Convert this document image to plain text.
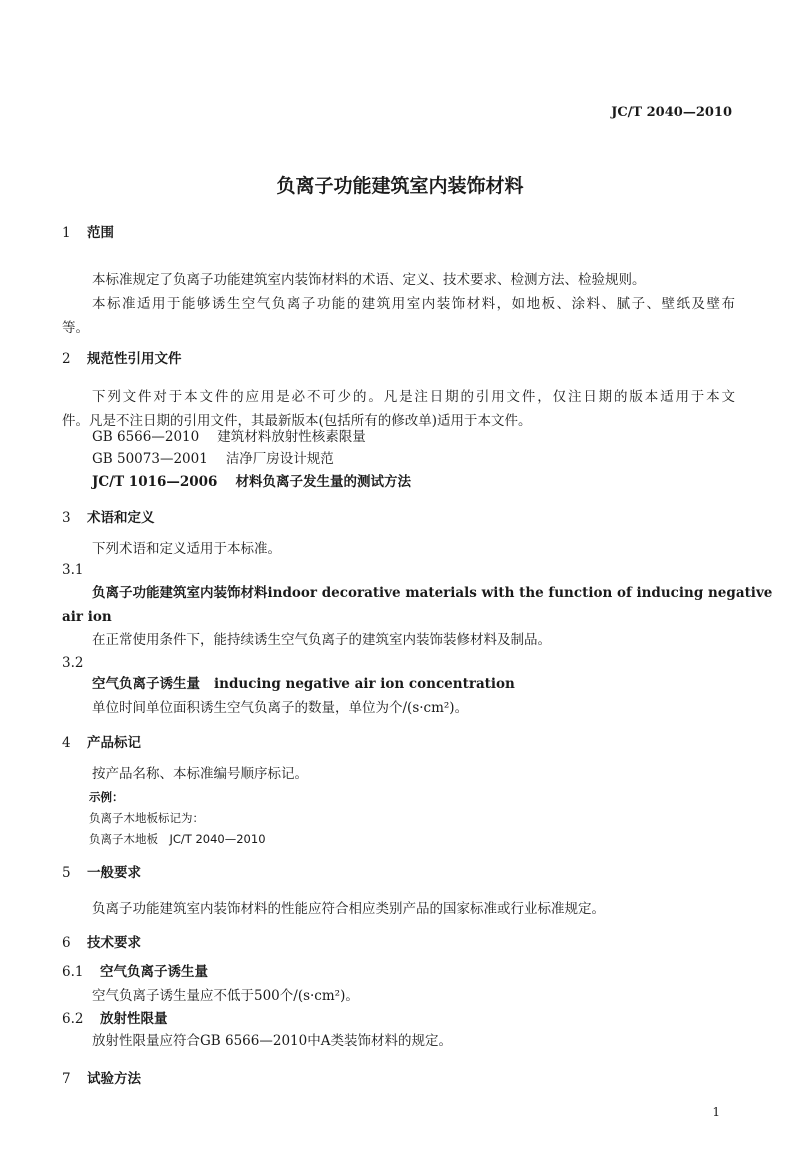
JC/T 2040—2010
负离子功能建筑室内装饰材料
1 范围
本标准规定了负离子功能建筑室内装饰材料的术语、定义、技术要求、检测方法、检验规则。
本标准适用于能够诱生空气负离子功能的建筑用室内装饰材料，如地板、涂料、腻子、壁纸及壁布
等。
2 规范性引用文件
下列文件对于本文件的应用是必不可少的。凡是注日期的引用文件，仅注日期的版本适用于本文
件。凡是不注日期的引用文件，其最新版本(包括所有的修改单)适用于本文件。
GB 6566—2010 建筑材料放射性核素限量
GB 50073—2001 洁净厂房设计规范
JC/T 1016—2006 材料负离子发生量的测试方法
3 术语和定义
下列术语和定义适用于本标准。
3.1
负离子功能建筑室内装饰材料 indoor decorative materials with the function of inducing negative
air ion
在正常使用条件下，能持续诱生空气负离子的建筑室内装饰装修材料及制品。
3.2
空气负离子诱生量 inducing negative air ion concentration
单位时间单位面积诱生空气负离子的数量，单位为个/(s·cm²)。
4 产品标记
按产品名称、本标准编号顺序标记。
示例：
负离子木地板标记为：
负离子木地板　JC/T 2040—2010
5 一般要求
负离子功能建筑室内装饰材料的性能应符合相应类别产品的国家标准或行业标准规定。
6 技术要求
6.1 空气负离子诱生量
空气负离子诱生量应不低于500个/(s·cm²)。
6.2 放射性限量
放射性限量应符合GB 6566—2010中A类装饰材料的规定。
7 试验方法
1
